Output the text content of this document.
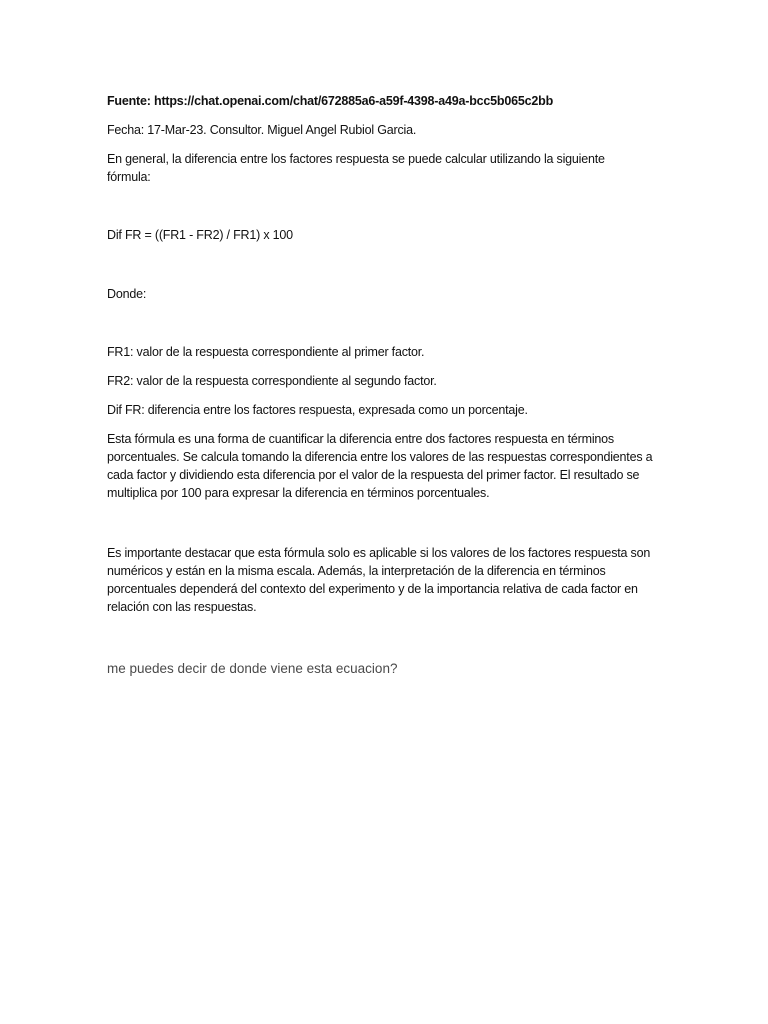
Fuente: https://chat.openai.com/chat/672885a6-a59f-4398-a49a-bcc5b065c2bb

Fecha: 17-Mar-23. Consultor. Miguel Angel Rubiol Garcia.

En general, la diferencia entre los factores respuesta se puede calcular utilizando la siguiente fórmula:

Dif FR = ((FR1 - FR2) / FR1) x 100

Donde:

FR1: valor de la respuesta correspondiente al primer factor.

FR2: valor de la respuesta correspondiente al segundo factor.

Dif FR: diferencia entre los factores respuesta, expresada como un porcentaje.

Esta fórmula es una forma de cuantificar la diferencia entre dos factores respuesta en términos porcentuales. Se calcula tomando la diferencia entre los valores de las respuestas correspondientes a cada factor y dividiendo esta diferencia por el valor de la respuesta del primer factor. El resultado se multiplica por 100 para expresar la diferencia en términos porcentuales.

Es importante destacar que esta fórmula solo es aplicable si los valores de los factores respuesta son numéricos y están en la misma escala. Además, la interpretación de la diferencia en términos porcentuales dependerá del contexto del experimento y de la importancia relativa de cada factor en relación con las respuestas.

me puedes decir de donde viene esta ecuacion?
